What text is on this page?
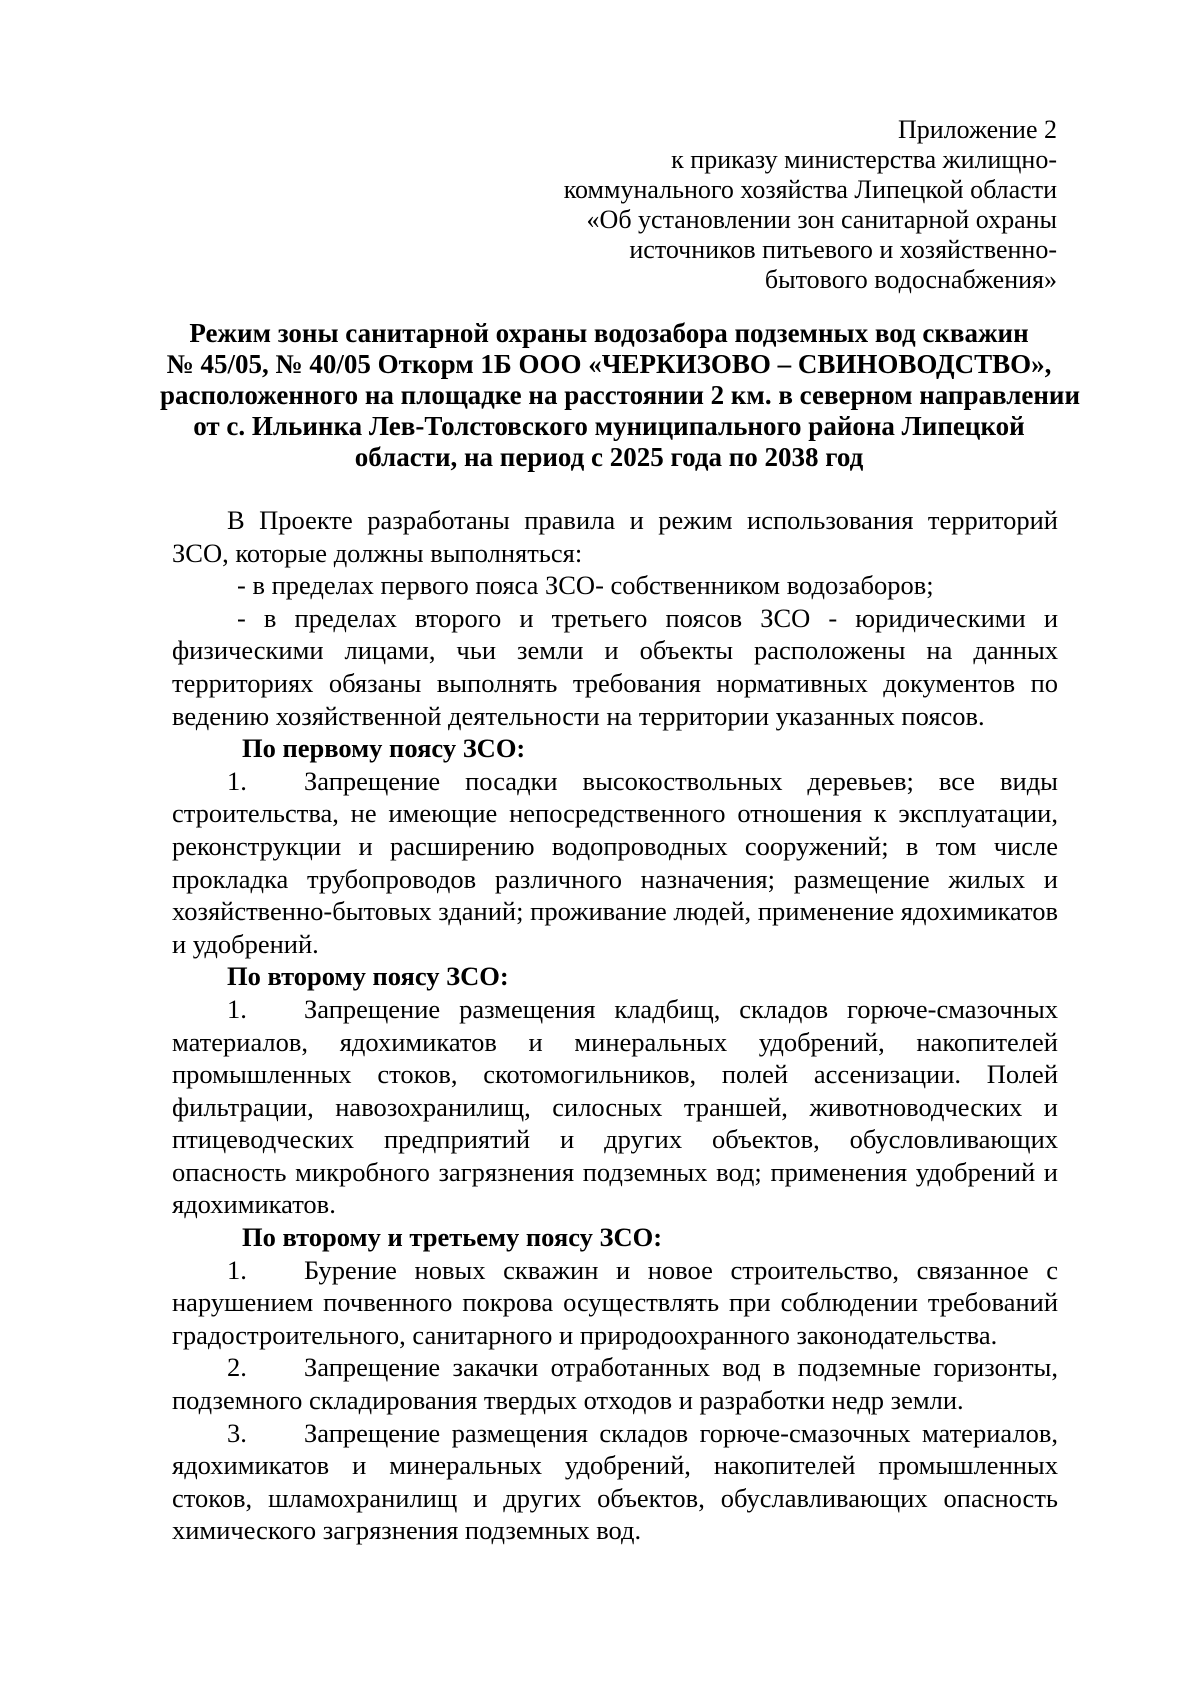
Приложение 2
к приказу министерства жилищно-
коммунального хозяйства Липецкой области
«Об установлении зон санитарной охраны
источников питьевого и хозяйственно-
бытового водоснабжения»
Режим зоны санитарной охраны водозабора подземных вод скважин
№ 45/05, № 40/05 Откорм 1Б ООО «ЧЕРКИЗОВО – СВИНОВОДСТВО»,
расположенного на площадке на расстоянии 2 км. в северном направлении
от с. Ильинка Лев-Толстовского муниципального района Липецкой
области, на период с 2025 года по 2038 год

В Проекте разработаны правила и режим использования территорий ЗСО, которые должны выполняться:

- в пределах первого пояса ЗСО- собственником водозаборов;

- в пределах второго и третьего поясов ЗСО - юридическими и физическими лицами, чьи земли и объекты расположены на данных территориях обязаны выполнять требования нормативных документов по ведению хозяйственной деятельности на территории указанных поясов.

По первому поясу ЗСО:

1. Запрещение посадки высокоствольных деревьев; все виды строительства, не имеющие непосредственного отношения к эксплуатации, реконструкции и расширению водопроводных сооружений; в том числе прокладка трубопроводов различного назначения; размещение жилых и хозяйственно-бытовых зданий; проживание людей, применение ядохимикатов и удобрений.

По второму поясу ЗСО:

1. Запрещение размещения кладбищ, складов горюче-смазочных материалов, ядохимикатов и минеральных удобрений, накопителей промышленных стоков, скотомогильников, полей ассенизации. Полей фильтрации, навозохранилищ, силосных траншей, животноводческих и птицеводческих предприятий и других объектов, обусловливающих опасность микробного загрязнения подземных вод; применения удобрений и ядохимикатов.

По второму и третьему поясу ЗСО:

1. Бурение новых скважин и новое строительство, связанное с нарушением почвенного покрова осуществлять при соблюдении требований градостроительного, санитарного и природоохранного законодательства.

2. Запрещение закачки отработанных вод в подземные горизонты, подземного складирования твердых отходов и разработки недр земли.

3. Запрещение размещения складов горюче-смазочных материалов, ядохимикатов и минеральных удобрений, накопителей промышленных стоков, шламохранилищ и других объектов, обуславливающих опасность химического загрязнения подземных вод.
